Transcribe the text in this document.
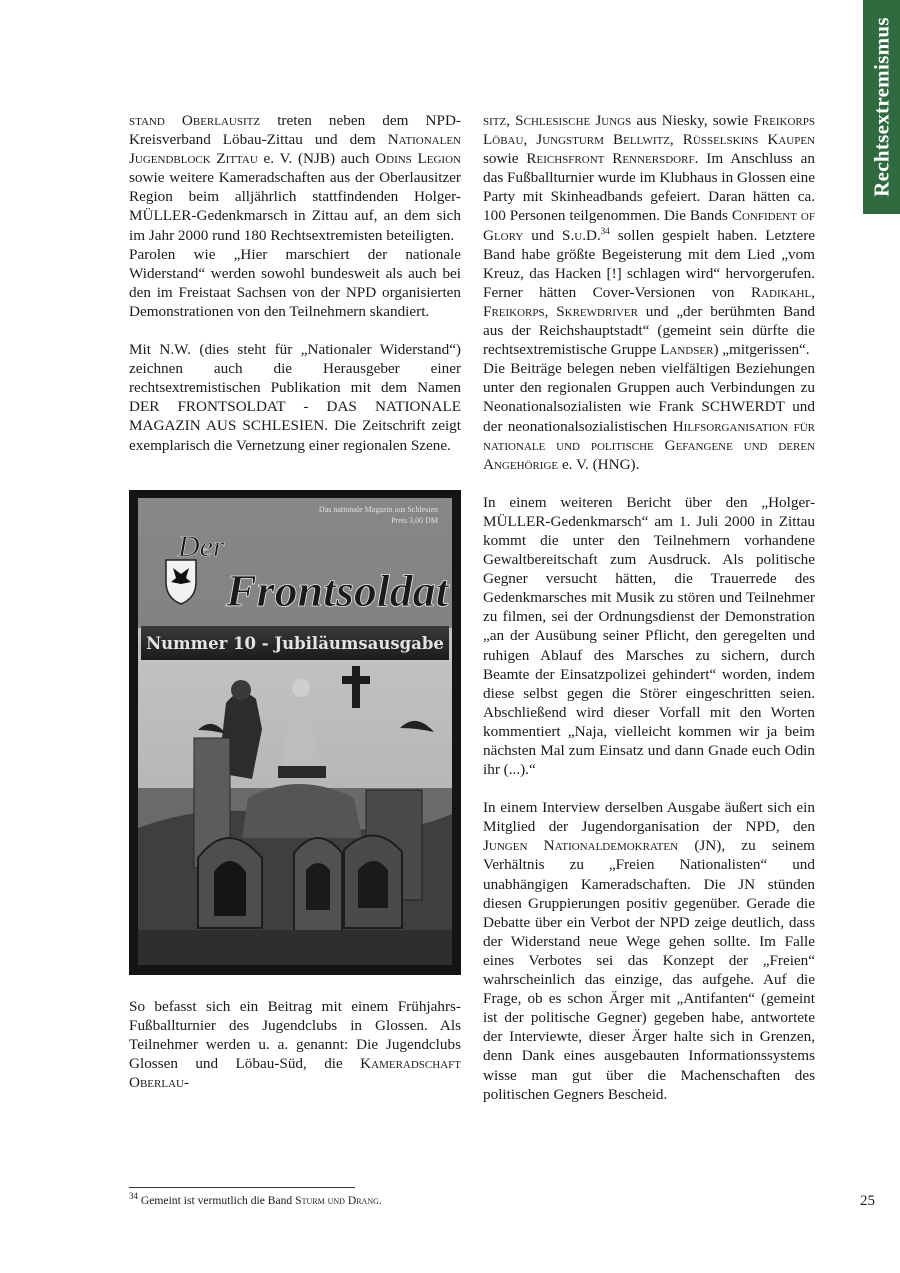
Rechtsextremismus

stand Oberlausitz treten neben dem NPD-Kreisverband Löbau-Zittau und dem Nationalen Jugendblock Zittau e. V. (NJB) auch Odins Legion sowie weitere Kameradschaften aus der Oberlausitzer Region beim alljährlich stattfindenden Holger-MÜLLER-Gedenkmarsch in Zittau auf, an dem sich im Jahr 2000 rund 180 Rechtsextremisten beteiligten.

Parolen wie „Hier marschiert der nationale Widerstand“ werden sowohl bundesweit als auch bei den im Freistaat Sachsen von der NPD organisierten Demonstrationen von den Teilnehmern skandiert.

Mit N.W. (dies steht für „Nationaler Widerstand“) zeichnen auch die Herausgeber einer rechtsextremistischen Publikation mit dem Namen DER FRONTSOLDAT - DAS NATIONALE MAGAZIN AUS SCHLESIEN. Die Zeitschrift zeigt exemplarisch die Vernetzung einer regionalen Szene.

Das nationale Magazin aus Schlesien
Preis 3,00 DM
Der
Frontsoldat
Nummer 10 - Jubiläumsausgabe

So befasst sich ein Beitrag mit einem Frühjahrs-Fußballturnier des Jugendclubs in Glossen. Als Teilnehmer werden u. a. genannt: Die Jugendclubs Glossen und Löbau-Süd, die Kameradschaft Oberlau-

sitz, Schlesische Jungs aus Niesky, sowie Freikorps Löbau, Jungsturm Bellwitz, Rüsselskins Kaupen sowie Reichsfront Rennersdorf. Im Anschluss an das Fußballturnier wurde im Klubhaus in Glossen eine Party mit Skinheadbands gefeiert. Daran hätten ca. 100 Personen teilgenommen. Die Bands Confident of Glory und S.u.D.$^{34}$ sollen gespielt haben. Letztere Band habe größte Begeisterung mit dem Lied „vom Kreuz, das Hacken [!] schlagen wird“ hervorgerufen. Ferner hätten Cover-Versionen von Radikahl, Freikorps, Skrewdriver und „der berühmten Band aus der Reichshauptstadt“ (gemeint sein dürfte die rechtsextremistische Gruppe Landser) „mitgerissen“.

Die Beiträge belegen neben vielfältigen Beziehungen unter den regionalen Gruppen auch Verbindungen zu Neonationalsozialisten wie Frank SCHWERDT und der neonationalsozialistischen Hilfsorganisation für nationale und politische Gefangene und deren Angehörige e. V. (HNG).

In einem weiteren Bericht über den „Holger-MÜLLER-Gedenkmarsch“ am 1. Juli 2000 in Zittau kommt die unter den Teilnehmern vorhandene Gewaltbereitschaft zum Ausdruck. Als politische Gegner versucht hätten, die Trauerrede des Gedenkmarsches mit Musik zu stören und Teilnehmer zu filmen, sei der Ordnungsdienst der Demonstration „an der Ausübung seiner Pflicht, den geregelten und ruhigen Ablauf des Marsches zu sichern, durch Beamte der Einsatzpolizei gehindert“ worden, indem diese selbst gegen die Störer eingeschritten seien. Abschließend wird dieser Vorfall mit den Worten kommentiert „Naja, vielleicht kommen wir ja beim nächsten Mal zum Einsatz und dann Gnade euch Odin ihr (...).“

In einem Interview derselben Ausgabe äußert sich ein Mitglied der Jugendorganisation der NPD, den Jungen Nationaldemokraten (JN), zu seinem Verhältnis zu „Freien Nationalisten“ und unabhängigen Kameradschaften. Die JN stünden diesen Gruppierungen positiv gegenüber. Gerade die Debatte über ein Verbot der NPD zeige deutlich, dass der Widerstand neue Wege gehen sollte. Im Falle eines Verbotes sei das Konzept der „Freien“ wahrscheinlich das einzige, das aufgehe. Auf die Frage, ob es schon Ärger mit „Antifanten“ (gemeint ist der politische Gegner) gegeben habe, antwortete der Interviewte, dieser Ärger halte sich in Grenzen, denn Dank eines ausgebauten Informationssystems wisse man gut über die Machenschaften des politischen Gegners Bescheid.

$^{34}$ Gemeint ist vermutlich die Band Sturm und Drang.	25
